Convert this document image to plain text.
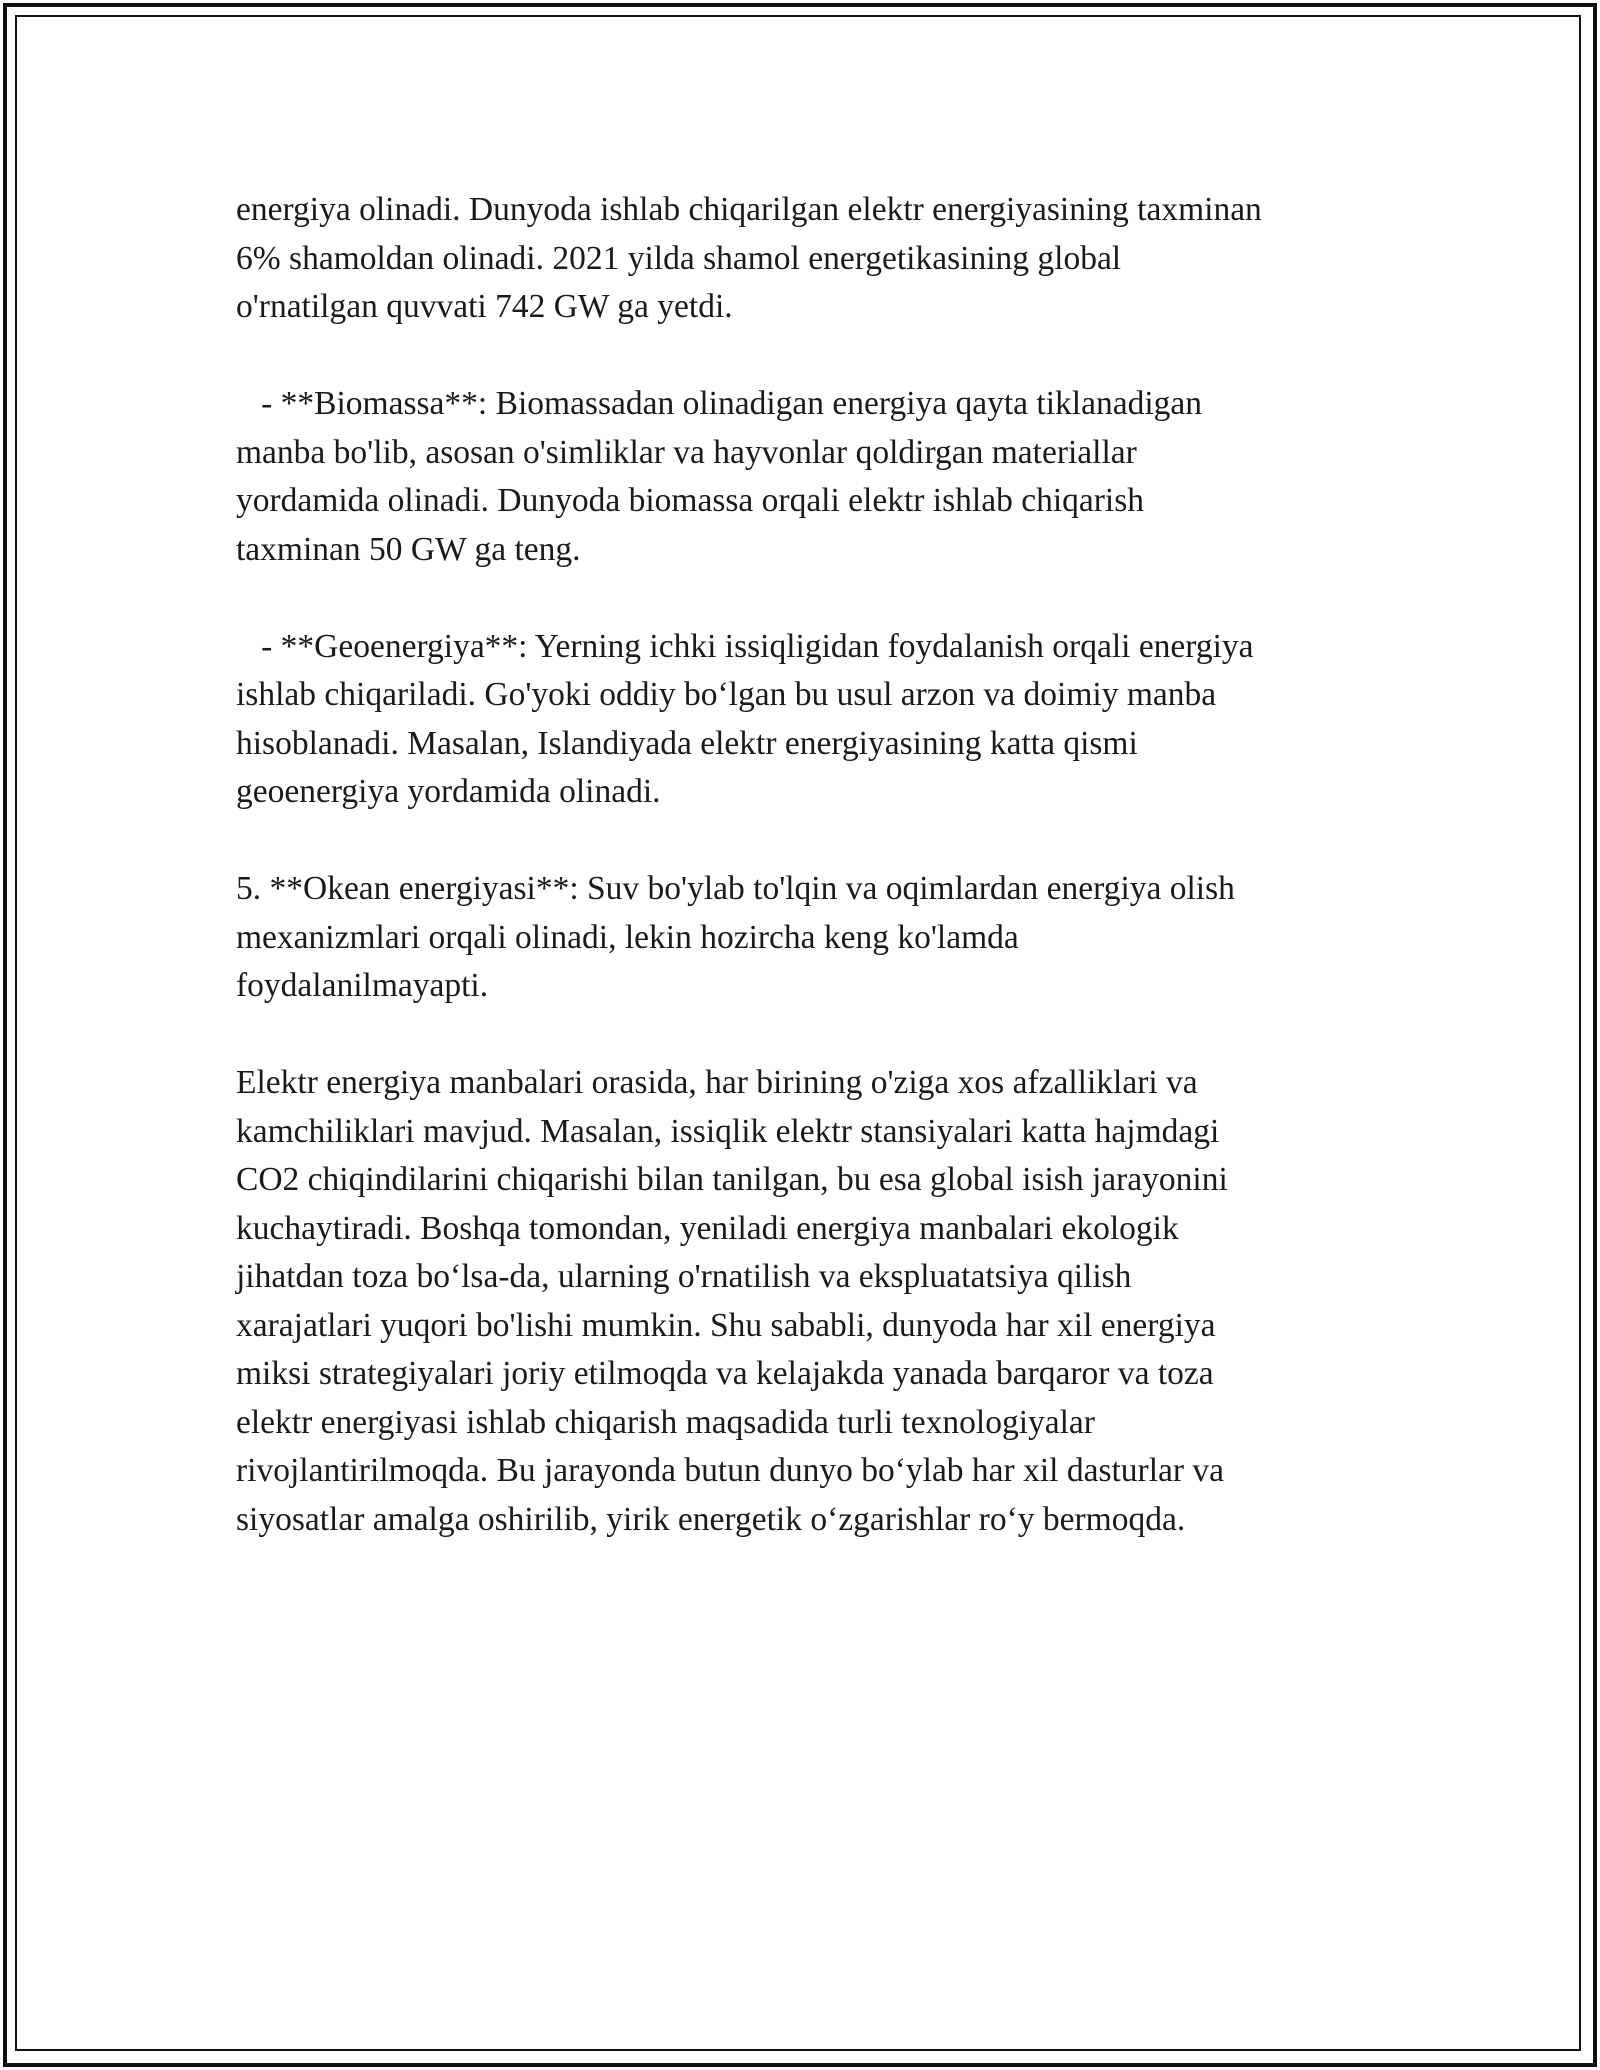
energiya olinadi. Dunyoda ishlab chiqarilgan elektr energiyasining taxminan
6% shamoldan olinadi. 2021 yilda shamol energetikasining global
o'rnatilgan quvvati 742 GW ga yetdi.

- **Biomassa**: Biomassadan olinadigan energiya qayta tiklanadigan
manba bo'lib, asosan o'simliklar va hayvonlar qoldirgan materiallar
yordamida olinadi. Dunyoda biomassa orqali elektr ishlab chiqarish
taxminan 50 GW ga teng.

- **Geoenergiya**: Yerning ichki issiqligidan foydalanish orqali energiya
ishlab chiqariladi. Go'yoki oddiy bo‘lgan bu usul arzon va doimiy manba
hisoblanadi. Masalan, Islandiyada elektr energiyasining katta qismi
geoenergiya yordamida olinadi.

5. **Okean energiyasi**: Suv bo'ylab to'lqin va oqimlardan energiya olish
mexanizmlari orqali olinadi, lekin hozircha keng ko'lamda
foydalanilmayapti.

Elektr energiya manbalari orasida, har birining o'ziga xos afzalliklari va
kamchiliklari mavjud. Masalan, issiqlik elektr stansiyalari katta hajmdagi
CO2 chiqindilarini chiqarishi bilan tanilgan, bu esa global isish jarayonini
kuchaytiradi. Boshqa tomondan, yeniladi energiya manbalari ekologik
jihatdan toza bo‘lsa-da, ularning o'rnatilish va ekspluatatsiya qilish
xarajatlari yuqori bo'lishi mumkin. Shu sababli, dunyoda har xil energiya
miksi strategiyalari joriy etilmoqda va kelajakda yanada barqaror va toza
elektr energiyasi ishlab chiqarish maqsadida turli texnologiyalar
rivojlantirilmoqda. Bu jarayonda butun dunyo bo‘ylab har xil dasturlar va
siyosatlar amalga oshirilib, yirik energetik o‘zgarishlar ro‘y bermoqda.
